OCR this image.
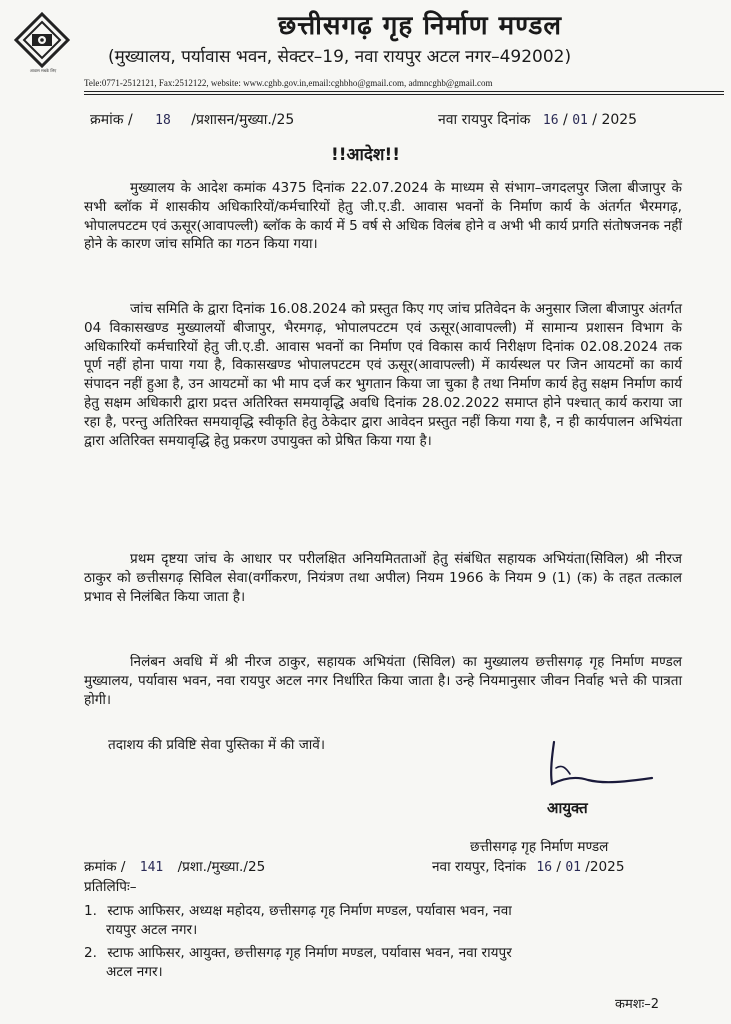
आवास सबके लिए
छत्तीसगढ़ गृह निर्माण मण्डल
(मुख्यालय, पर्यावास भवन, सेक्टर–19, नवा रायपुर अटल नगर–492002)
Tele:0771-2512121, Fax:2512122, website: www.cghb.gov.in,email:cghbho@gmail.com, admncghb@gmail.com
क्रमांक / 18 /प्रशासन/मुख्या./25	नवा रायपुर दिनांक 16 / 01 / 2025
!!आदेश!!
मुख्यालय के आदेश कमांक 4375 दिनांक 22.07.2024 के माध्यम से संभाग–जगदलपुर जिला बीजापुर के सभी ब्लॉक में शासकीय अधिकारियों/कर्मचारियों हेतु जी.ए.डी. आवास भवनों के निर्माण कार्य के अंतर्गत भैरमगढ़, भोपालपटटम एवं ऊसूर(आवापल्ली) ब्लॉक के कार्य में 5 वर्ष से अधिक विलंब होने व अभी भी कार्य प्रगति संतोषजनक नहीं होने के कारण जांच समिति का गठन किया गया।
जांच समिति के द्वारा दिनांक 16.08.2024 को प्रस्तुत किए गए जांच प्रतिवेदन के अनुसार जिला बीजापुर अंतर्गत 04 विकासखण्ड मुख्यालयों बीजापुर, भैरमगढ़, भोपालपटटम एवं ऊसूर(आवापल्ली) में सामान्य प्रशासन विभाग के अधिकारियों कर्मचारियों हेतु जी.ए.डी. आवास भवनों का निर्माण एवं विकास कार्य निरीक्षण दिनांक 02.08.2024 तक पूर्ण नहीं होना पाया गया है, विकासखण्ड भोपालपटटम एवं ऊसूर(आवापल्ली) में कार्यस्थल पर जिन आयटमों का कार्य संपादन नहीं हुआ है, उन आयटमों का भी माप दर्ज कर भुगतान किया जा चुका है तथा निर्माण कार्य हेतु सक्षम निर्माण कार्य हेतु सक्षम अधिकारी द्वारा प्रदत्त अतिरिक्त समयावृद्धि अवधि दिनांक 28.02.2022 समाप्त होने पश्चात् कार्य कराया जा रहा है, परन्तु अतिरिक्त समयावृद्धि स्वीकृति हेतु ठेकेदार द्वारा आवेदन प्रस्तुत नहीं किया गया है, न ही कार्यपालन अभियंता द्वारा अतिरिक्त समयावृद्धि हेतु प्रकरण उपायुक्त को प्रेषित किया गया है।
प्रथम दृष्टया जांच के आधार पर परीलक्षित अनियमितताओं हेतु संबंधित सहायक अभियंता(सिविल) श्री नीरज ठाकुर को छत्तीसगढ़ सिविल सेवा(वर्गीकरण, नियंत्रण तथा अपील) नियम 1966 के नियम 9 (1) (क) के तहत तत्काल प्रभाव से निलंबित किया जाता है।
निलंबन अवधि में श्री नीरज ठाकुर, सहायक अभियंता (सिविल) का मुख्यालय छत्तीसगढ़ गृह निर्माण मण्डल मुख्यालय, पर्यावास भवन, नवा रायपुर अटल नगर निर्धारित किया जाता है। उन्हे नियमानुसार जीवन निर्वाह भत्ते की पात्रता होगी।
तदाशय की प्रविष्टि सेवा पुस्तिका में की जावें।
आयुक्त
छत्तीसगढ़ गृह निर्माण मण्डल
क्रमांक / 141 /प्रशा./मुख्या./25	नवा रायपुर, दिनांक 16 / 01 /2025
प्रतिलिपिः–
1. स्टाफ आफिसर, अध्यक्ष महोदय, छत्तीसगढ़ गृह निर्माण मण्डल, पर्यावास भवन, नवा
रायपुर अटल नगर।
2. स्टाफ आफिसर, आयुक्त, छत्तीसगढ़ गृह निर्माण मण्डल, पर्यावास भवन, नवा रायपुर
अटल नगर।
कमशः–2
